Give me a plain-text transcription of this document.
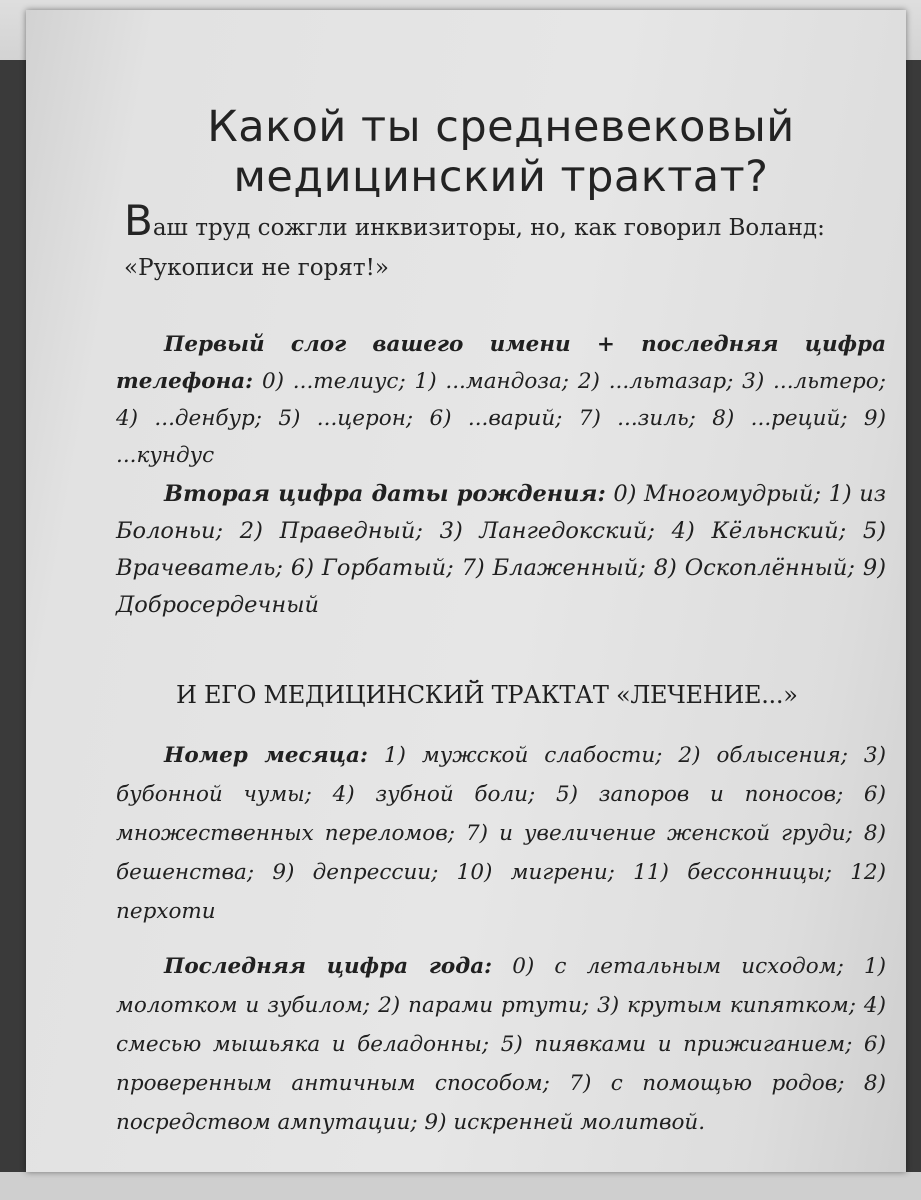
Какой ты средневековый медицинский трактат?
Ваш труд сожгли инквизиторы, но, как говорил Воланд: «Рукописи не горят!»
Первый слог вашего имени + последняя цифра телефона: 0) ...телиус; 1) ...мандоза; 2) ...льтазар; 3) ...льтеро; 4) ...денбур; 5) ...церон; 6) ...варий; 7) ...зиль; 8) ...реций; 9) ...кундус
Вторая цифра даты рождения: 0) Многомудрый; 1) из Болоньи; 2) Праведный; 3) Лангедокский; 4) Кёльнский; 5) Врачеватель; 6) Горбатый; 7) Блаженный; 8) Оскоплённый; 9) Добросердечный
И ЕГО МЕДИЦИНСКИЙ ТРАКТАТ «ЛЕЧЕНИЕ...»
Номер месяца: 1) мужской слабости; 2) облысения; 3) бубонной чумы; 4) зубной боли; 5) запоров и поносов; 6) множественных переломов; 7) и увеличение женской груди; 8) бешенства; 9) депрессии; 10) мигрени; 11) бессонницы; 12) перхоти
Последняя цифра года: 0) с летальным исходом; 1) молотком и зубилом; 2) парами ртути; 3) крутым кипятком; 4) смесью мышьяка и беладонны; 5) пиявками и прижиганием; 6) проверенным античным способом; 7) с помощью родов; 8) посредством ампутации; 9) искренней молитвой.
